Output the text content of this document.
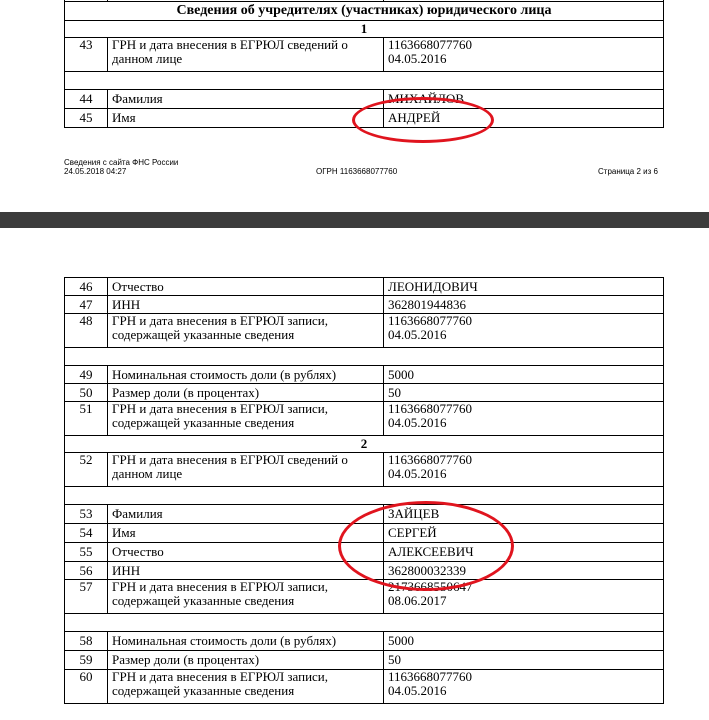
Сведения об учредителях (участниках) юридического лица		
1		
43	ГРН и дата внесения в ЕГРЮЛ сведений о данном лице	1163668077760
04.05.2016

44	Фамилия	МИХАЙЛОВ
45	Имя	АНДРЕЙ
Сведения с сайта ФНС России
24.05.2018 04:27	ОГРН 1163668077760	Страница 2 из 6
46	Отчество	ЛЕОНИДОВИЧ
47	ИНН	362801944836
48	ГРН и дата внесения в ЕГРЮЛ записи, содержащей указанные сведения	1163668077760
04.05.2016

49	Номинальная стоимость доли (в рублях)	5000
50	Размер доли (в процентах)	50
51	ГРН и дата внесения в ЕГРЮЛ записи, содержащей указанные сведения	1163668077760
04.05.2016
2		
52	ГРН и дата внесения в ЕГРЮЛ сведений о данном лице	1163668077760
04.05.2016

53	Фамилия	ЗАЙЦЕВ
54	Имя	СЕРГЕЙ
55	Отчество	АЛЕКСЕЕВИЧ
56	ИНН	362800032339
57	ГРН и дата внесения в ЕГРЮЛ записи, содержащей указанные сведения	2173668550647
08.06.2017

58	Номинальная стоимость доли (в рублях)	5000
59	Размер доли (в процентах)	50
60	ГРН и дата внесения в ЕГРЮЛ записи, содержащей указанные сведения	1163668077760
04.05.2016
